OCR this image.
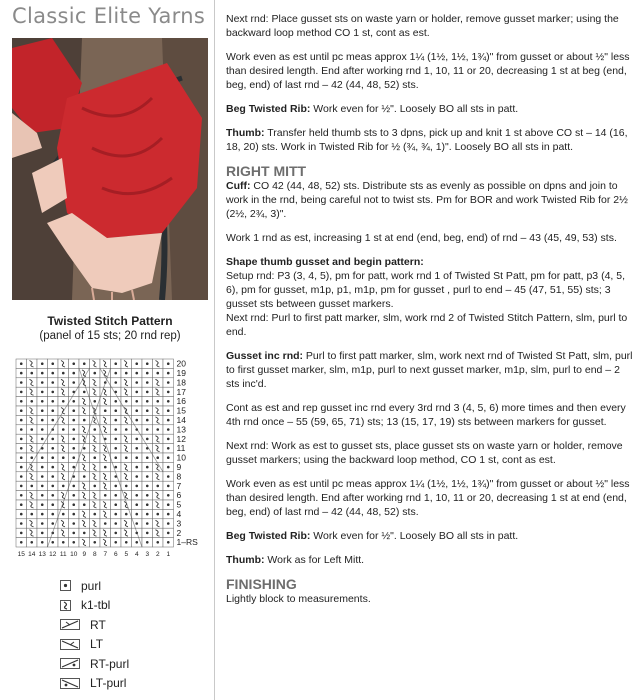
Classic Elite Yarns
Twisted Stitch Pattern
(panel of 15 sts; 20 rnd rep)
20
19
18
17
16
15
14
13
12
11
10
9
8
7
6
5
4
3
2
1–RS
15 14 13 12 11 10 9 8 7 6 5 4 3 2 1
purl
k1-tbl
RT
LT
RT-purl
LT-purl

Next rnd: Place gusset sts on waste yarn or holder, remove gusset marker; using the backward loop method CO 1 st, cont as est.

Work even as est until pc meas approx 1¼ (1½, 1½, 1¾)" from gusset or about ½" less than desired length. End after working rnd 1, 10, 11 or 20, decreasing 1 st at beg (end, beg, end) of last rnd – 42 (44, 48, 52) sts.

Beg Twisted Rib: Work even for ½". Loosely BO all sts in patt.

Thumb: Transfer held thumb sts to 3 dpns, pick up and knit 1 st above CO st – 14 (16, 18, 20) sts. Work in Twisted Rib for ½ (¾, ¾, 1)". Loosely BO all sts in patt.

RIGHT MITT

Cuff: CO 42 (44, 48, 52) sts. Distribute sts as evenly as possible on dpns and join to work in the rnd, being careful not to twist sts. Pm for BOR and work Twisted Rib for 2½ (2½, 2¾, 3)".

Work 1 rnd as est, increasing 1 st at end (end, beg, end) of rnd – 43 (45, 49, 53) sts.

Shape thumb gusset and begin pattern:

Setup rnd: P3 (3, 4, 5), pm for patt, work rnd 1 of Twisted St Patt, pm for patt, p3 (4, 5, 6), pm for gusset, m1p, p1, m1p, pm for gusset , purl to end – 45 (47, 51, 55) sts; 3 gusset sts between gusset markers.

Next rnd: Purl to first patt marker, slm, work rnd 2 of Twisted Stitch Pattern, slm, purl to end.

Gusset inc rnd: Purl to first patt marker, slm, work next rnd of Twisted St Patt, slm, purl to first gusset marker, slm, m1p, purl to next gusset marker, m1p, slm, purl to end – 2 sts inc'd.

Cont as est and rep gusset inc rnd every 3rd rnd 3 (4, 5, 6) more times and then every 4th rnd once – 55 (59, 65, 71) sts; 13 (15, 17, 19) sts between markers for gusset.

Next rnd: Work as est to gusset sts, place gusset sts on waste yarn or holder, remove gusset markers; using the backward loop method, CO 1 st, cont as est.

Work even as est until pc meas approx 1¼ (1½, 1½, 1¾)" from gusset or about ½" less than desired length. End after working rnd 1, 10, 11 or 20, decreasing 1 st at end (end, beg, end) of last rnd – 42 (44, 48, 52) sts.

Beg Twisted Rib: Work even for ½". Loosely BO all sts in patt.

Thumb: Work as for Left Mitt.

FINISHING

Lightly block to measurements.
